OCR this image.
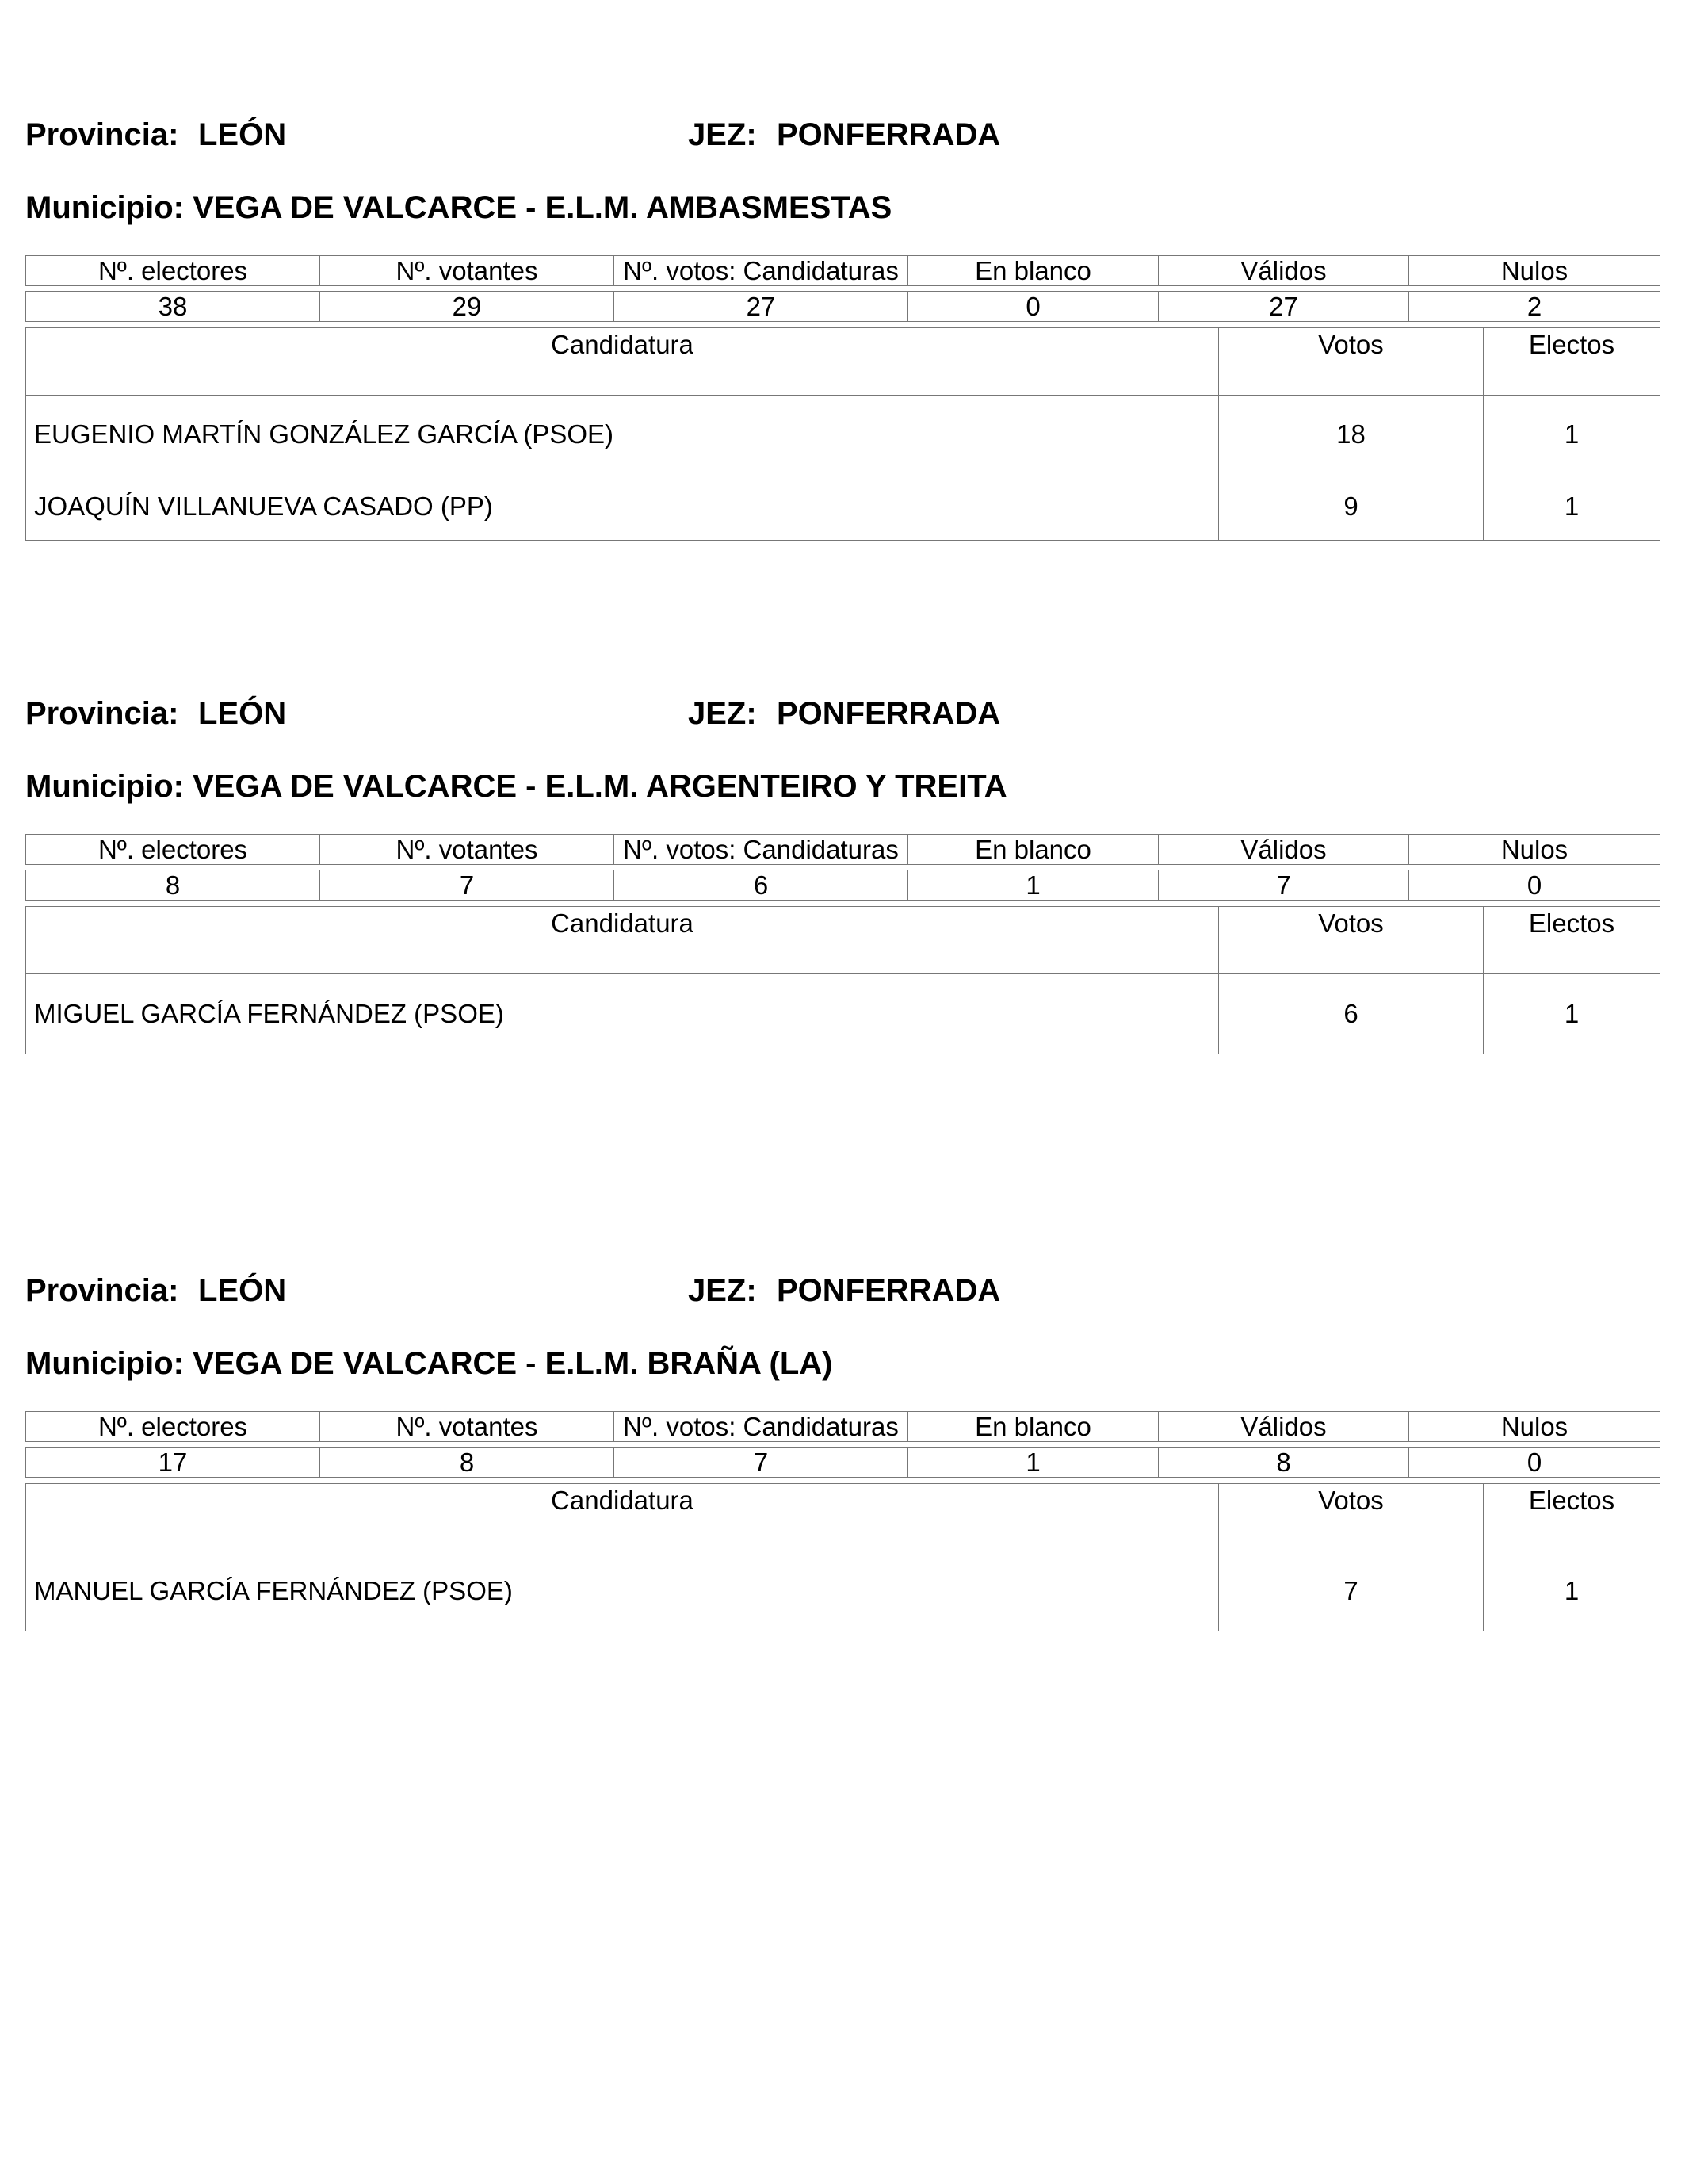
Provincia: LEÓN	JEZ: PONFERRADA
Municipio: VEGA DE VALCARCE - E.L.M. AMBASMESTAS
Nº. electores	Nº. votantes	Nº. votos: Candidaturas	En blanco	Válidos	Nulos

38	29	27	0	27	2
Candidatura	Votos	Electos
EUGENIO MARTÍN GONZÁLEZ GARCÍA (PSOE)	18	1
JOAQUÍN VILLANUEVA CASADO (PP)	9	1
Provincia: LEÓN	JEZ: PONFERRADA
Municipio: VEGA DE VALCARCE - E.L.M. ARGENTEIRO Y TREITA
Nº. electores	Nº. votantes	Nº. votos: Candidaturas	En blanco	Válidos	Nulos

8	7	6	1	7	0
Candidatura	Votos	Electos
MIGUEL GARCÍA FERNÁNDEZ (PSOE)	6	1
Provincia: LEÓN	JEZ: PONFERRADA
Municipio: VEGA DE VALCARCE - E.L.M. BRAÑA (LA)
Nº. electores	Nº. votantes	Nº. votos: Candidaturas	En blanco	Válidos	Nulos

17	8	7	1	8	0
Candidatura	Votos	Electos
MANUEL GARCÍA FERNÁNDEZ (PSOE)	7	1
